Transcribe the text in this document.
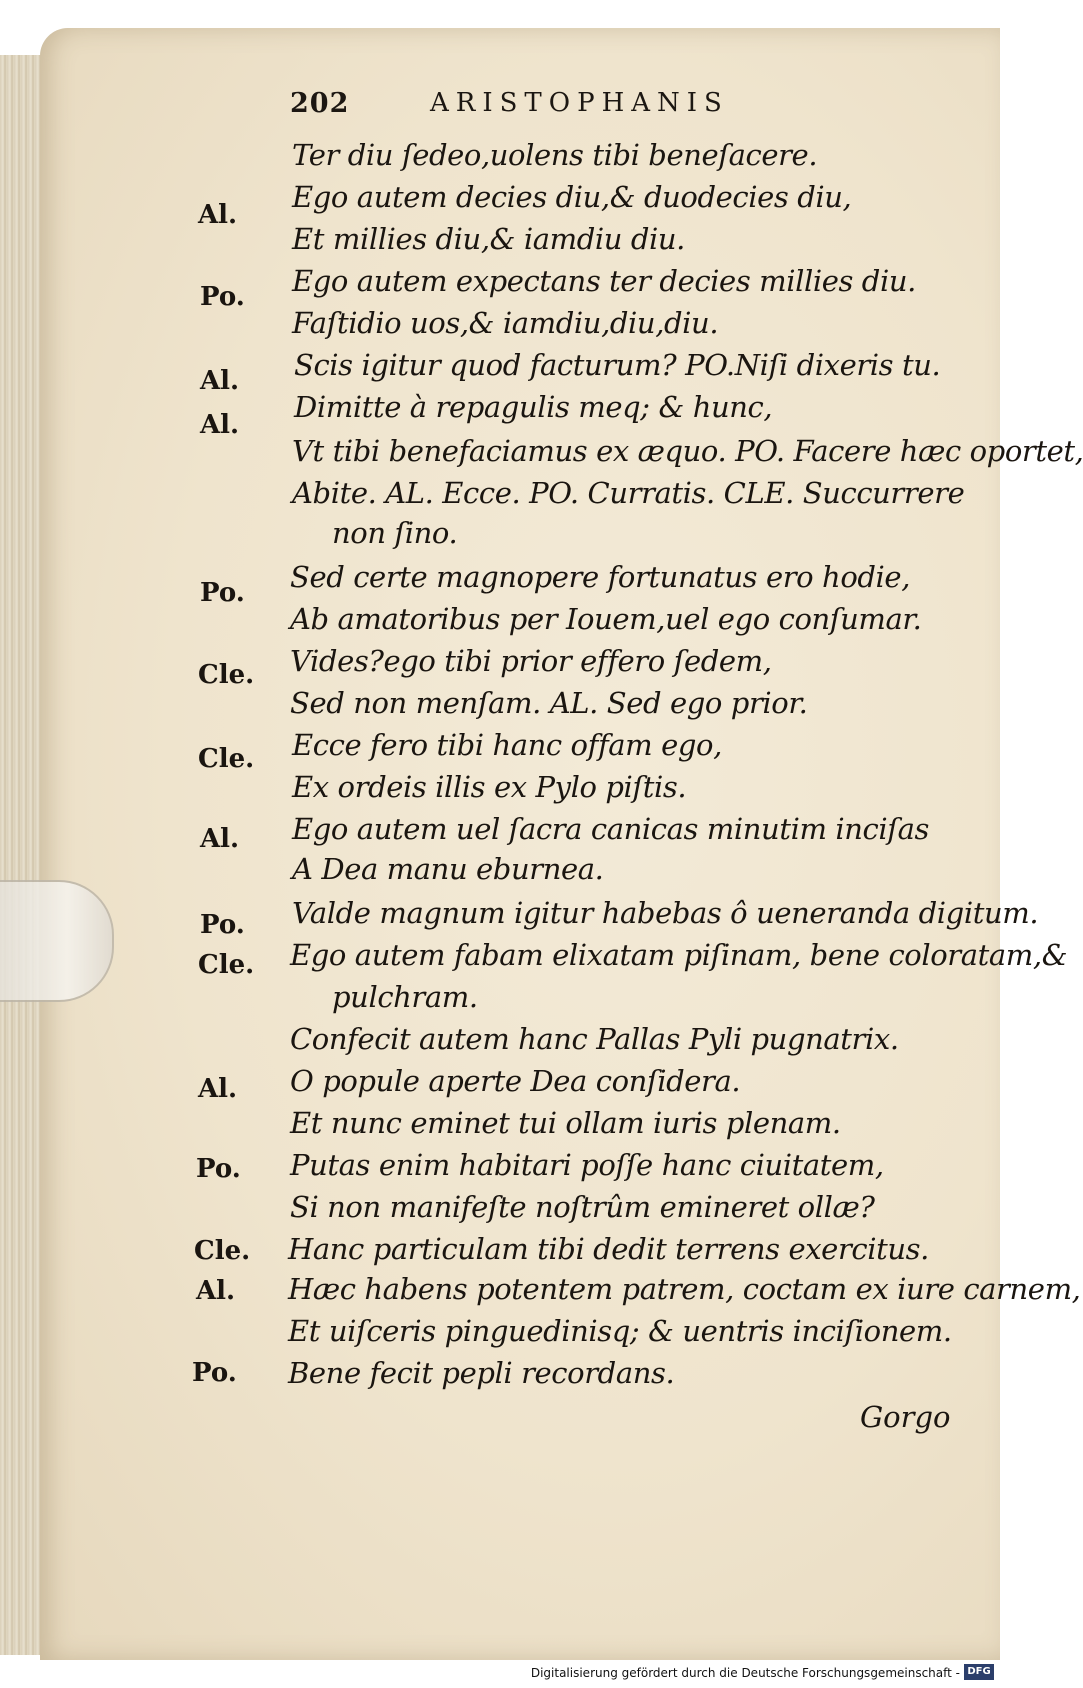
202	ARISTOPHANIS
Al.
Po.
Al.
Al.
Po.
Cle.
Cle.
Al.
Po.
Cle.
Al.
Po.
Cle.
Al.
Po.
Ter diu ſedeo,uolens tibi beneſacere.
Ego autem decies diu,& duodecies diu,
Et millies diu,& iamdiu diu.
Ego autem expectans ter decies millies diu.
Faſtidio uos,& iamdiu,diu,diu.
Scis igitur quod facturum? PO.Niſi dixeris tu.
Dimitte à repagulis meq; & hunc,
Vt tibi benefaciamus ex æquo. PO. Facere hæc oportet,
Abite. AL. Ecce. PO. Curratis. CLE. Succurrere
non ſino.
Sed certe magnopere fortunatus ero hodie,
Ab amatoribus per Iouem,uel ego conſumar.
Vides?ego tibi prior effero ſedem,
Sed non menſam. AL. Sed ego prior.
Ecce fero tibi hanc offam ego,
Ex ordeis illis ex Pylo piſtis.
Ego autem uel ſacra canicas minutim inciſas
A Dea manu eburnea.
Valde magnum igitur habebas ô ueneranda digitum.
Ego autem fabam elixatam piſinam, bene coloratam,&
pulchram.
Confecit autem hanc Pallas Pyli pugnatrix.
O popule aperte Dea conſidera.
Et nunc eminet tui ollam iuris plenam.
Putas enim habitari poſſe hanc ciuitatem,
Si non manifeſte noſtrûm emineret ollæ?
Hanc particulam tibi dedit terrens exercitus.
Hæc habens potentem patrem, coctam ex iure carnem,
Et uiſceris pinguedinisq; & uentris inciſionem.
Bene fecit pepli recordans.
Gorgo
Digitalisierung gefördert durch die Deutsche Forschungsgemeinschaft - DFG
